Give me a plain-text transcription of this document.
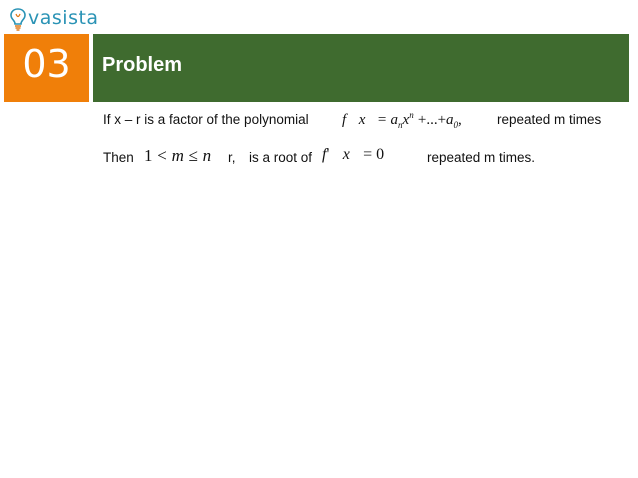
vasista
03	Problem
If x – r is a factor of the polynomial f $x = a_nx^n +...+a_0$,	repeated m times
Then 1 < m ≤ n r, is a root of f' x = 0	repeated m times.
